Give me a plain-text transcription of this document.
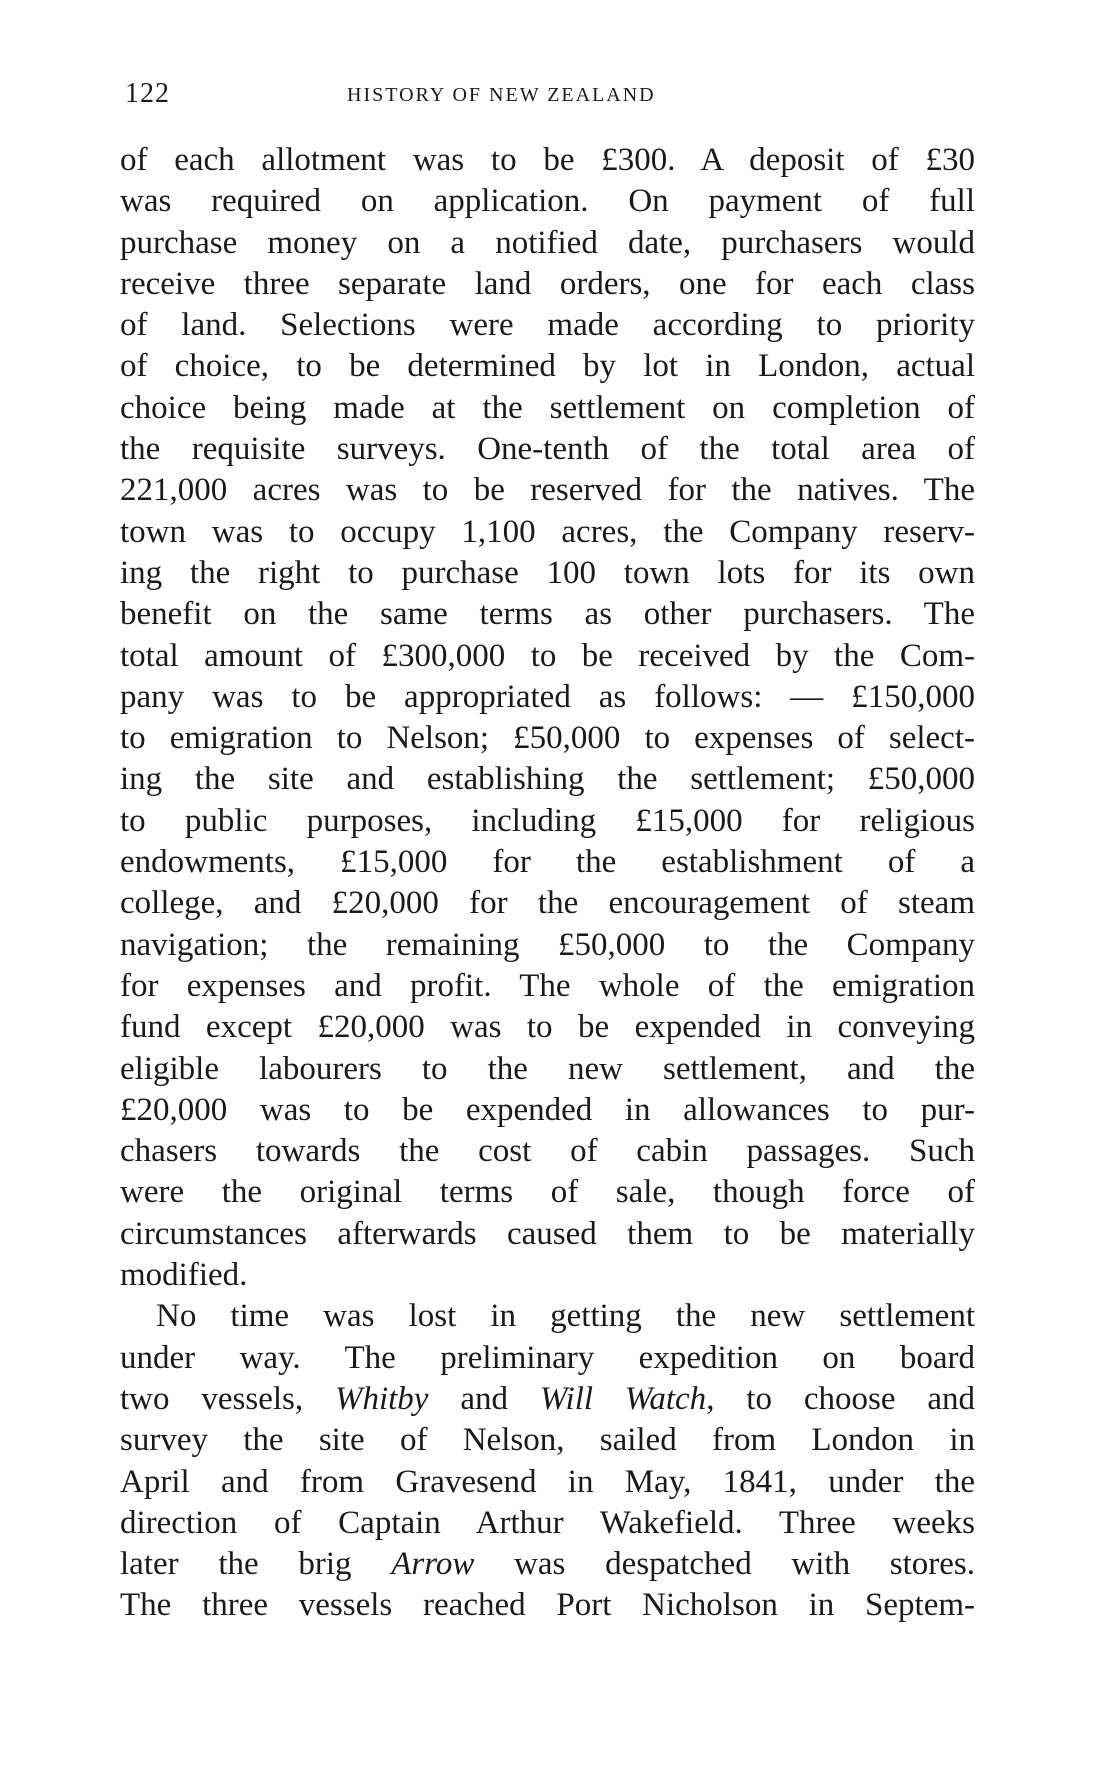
122	HISTORY OF NEW ZEALAND
of each allotment was to be £300. A deposit of £30
was required on application. On payment of full
purchase money on a notified date, purchasers would
receive three separate land orders, one for each class
of land. Selections were made according to priority
of choice, to be determined by lot in London, actual
choice being made at the settlement on completion of
the requisite surveys. One-tenth of the total area of
221,000 acres was to be reserved for the natives. The
town was to occupy 1,100 acres, the Company reserv-
ing the right to purchase 100 town lots for its own
benefit on the same terms as other purchasers. The
total amount of £300,000 to be received by the Com-
pany was to be appropriated as follows: — £150,000
to emigration to Nelson; £50,000 to expenses of select-
ing the site and establishing the settlement; £50,000
to public purposes, including £15,000 for religious
endowments, £15,000 for the establishment of a
college, and £20,000 for the encouragement of steam
navigation; the remaining £50,000 to the Company
for expenses and profit. The whole of the emigration
fund except £20,000 was to be expended in conveying
eligible labourers to the new settlement, and the
£20,000 was to be expended in allowances to pur-
chasers towards the cost of cabin passages. Such
were the original terms of sale, though force of
circumstances afterwards caused them to be materially
modified.
No time was lost in getting the new settlement
under way. The preliminary expedition on board
two vessels, Whitby and Will Watch, to choose and
survey the site of Nelson, sailed from London in
April and from Gravesend in May, 1841, under the
direction of Captain Arthur Wakefield. Three weeks
later the brig Arrow was despatched with stores.
The three vessels reached Port Nicholson in Septem-
